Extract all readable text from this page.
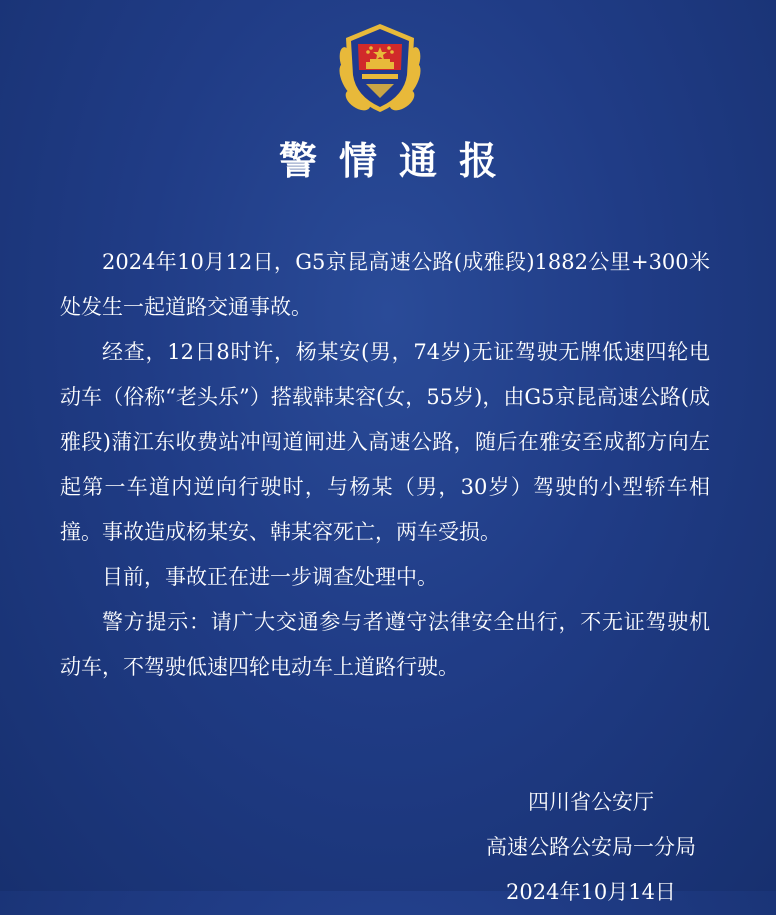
警情通报

2024年10月12日，G5京昆高速公路(成雅段)1882公里+300米处发生一起道路交通事故。

经查，12日8时许，杨某安(男，74岁)无证驾驶无牌低速四轮电动车（俗称“老头乐”）搭载韩某容(女，55岁)，由G5京昆高速公路(成雅段)蒲江东收费站冲闯道闸进入高速公路，随后在雅安至成都方向左起第一车道内逆向行驶时，与杨某（男，30岁）驾驶的小型轿车相撞。事故造成杨某安、韩某容死亡，两车受损。

目前，事故正在进一步调查处理中。

警方提示：请广大交通参与者遵守法律安全出行，不无证驾驶机动车，不驾驶低速四轮电动车上道路行驶。

四川省公安厅
高速公路公安局一分局
2024年10月14日
